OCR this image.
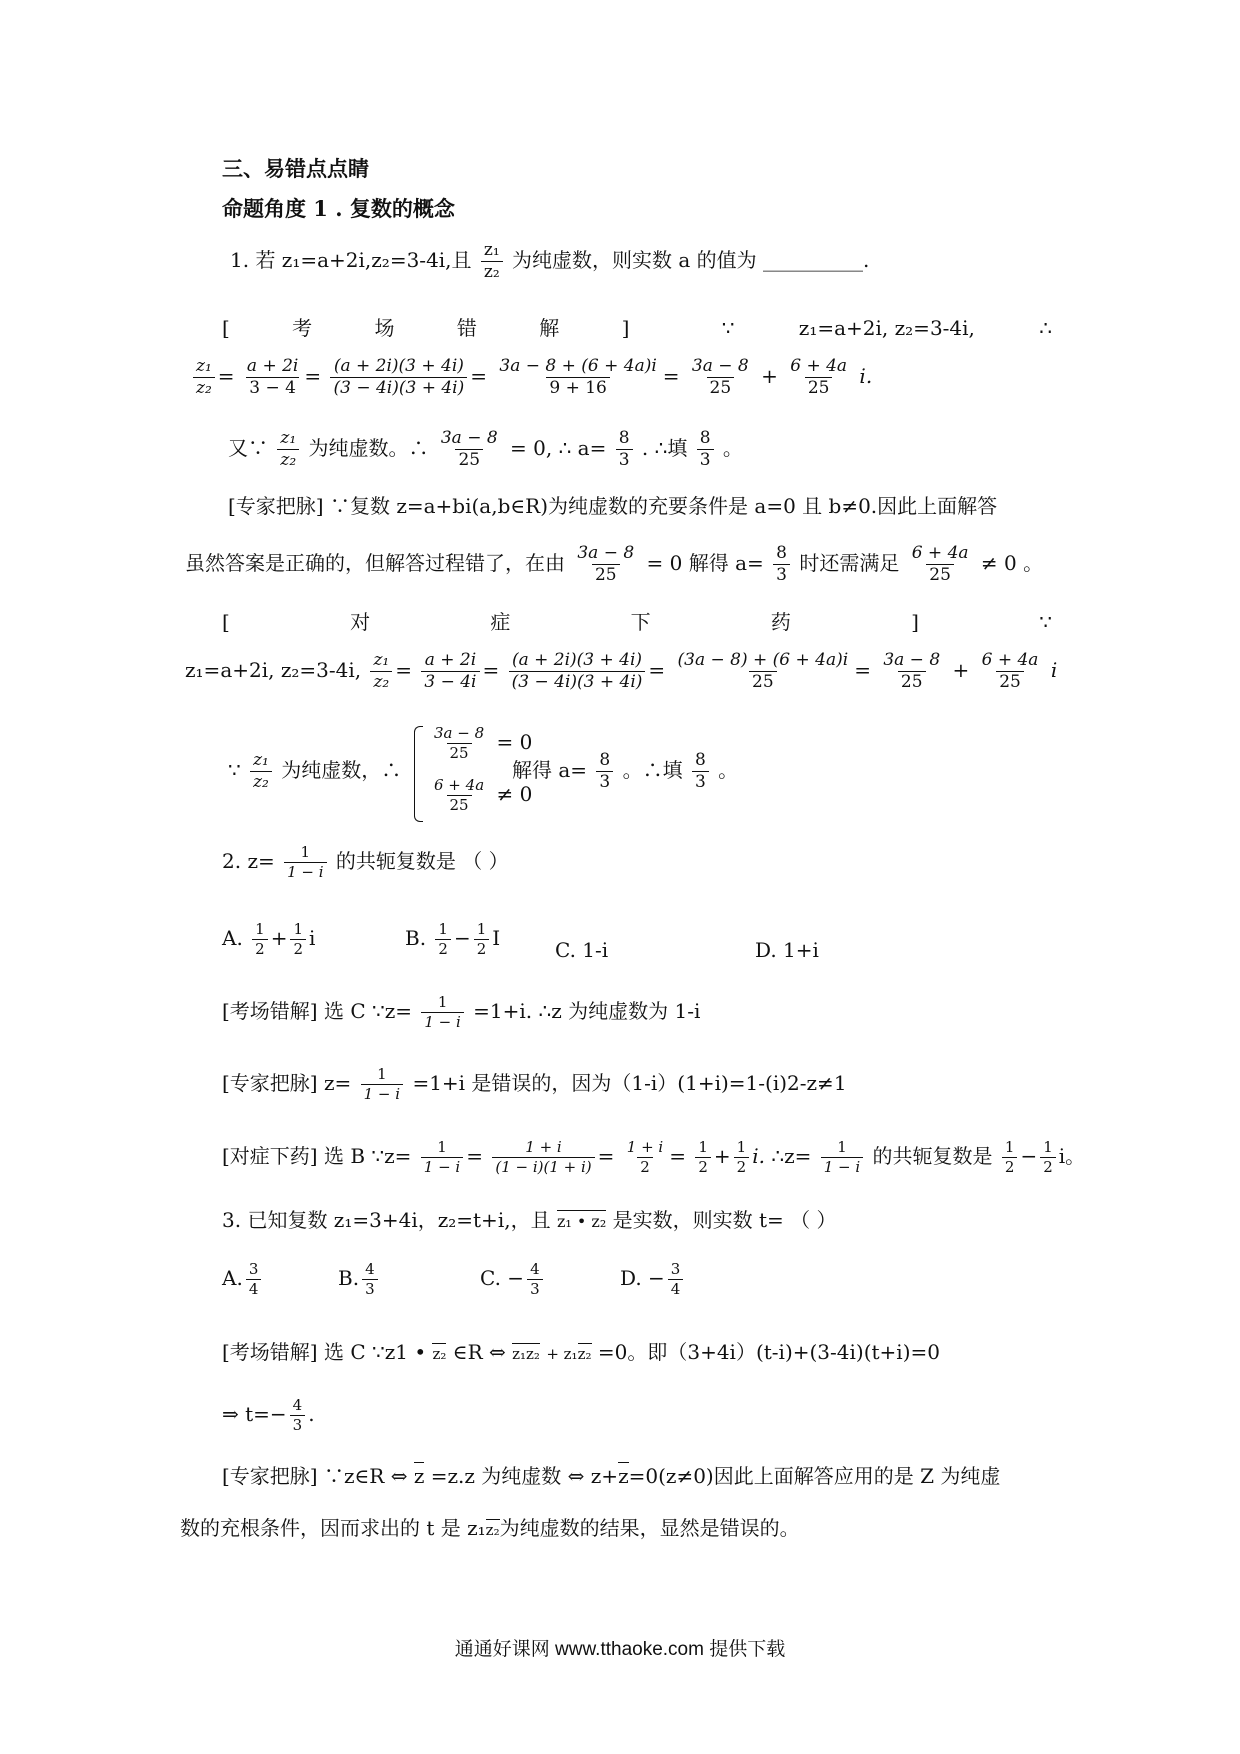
三、易错点点睛
命题角度 1 . 复数的概念
1. 若 z₁=a+2i,z₂=3-4i,且 $\frac{\text{z₁}}{\text{z₂}}$ 为纯虚数，则实数 a 的值为 __________.
[ 考 场 错 解 ]	∵	z₁=a+2i, z₂=3-4i,	∴
$\frac{\text{z₁}}{\text{z₂}} = \frac{a + 2i}{3 - 4} = \frac{(a + 2i)(3 + 4i)}{(3 - 4i)(3 + 4i)} = \frac{3a - 8 + (6 + 4a)i}{9 + 16} = \frac{3a - 8}{25} + \frac{6 + 4a}{25} i$.
又∵ $\frac{\text{z₁}}{\text{z₂}}$ 为纯虚数。∴ $\frac{3a - 8}{25} = 0$, ∴ $a= \frac{8}{3}$ . ∴填 $\frac{8}{3}$ 。
[专家把脉] ∵复数 z=a+bi(a,b∈R)为纯虚数的充要条件是 a=0 且 b≠0.因此上面解答
虽然答案是正确的，但解答过程错了，在由 $\frac{3a - 8}{25} = 0$ 解得 $a= \frac{8}{3}$ 时还需满足 $\frac{6 + 4a}{25} \ne 0$ 。
[	对	症	下	药	]	∵
z₁=a+2i, z₂=3-4i, $\frac{\text{z₁}}{\text{z₂}} = \frac{a + 2i}{3 - 4i} = \frac{(a + 2i)(3 + 4i)}{(3 - 4i)(3 + 4i)} = \frac{(3a - 8) + (6 + 4a)i}{25} = \frac{3a - 8}{25} + \frac{6 + 4a}{25}$ i
∵ $\frac{\text{z₁}}{\text{z₂}}$ 为纯虚数，∴
$\frac{3a - 8}{25} = 0$
$\frac{6 + 4a}{25} \ne 0$
解得 $a= \frac{8}{3}$ 。∴填 $\frac{8}{3}$ 。
2. $z= \frac{1}{1 - i}$ 的共轭复数是 （ ）
A. $\frac{1}{2} + \frac{1}{2}$ i	B. $\frac{1}{2} - \frac{1}{2}$ I	C. 1-i	D. 1+i
[考场错解] 选 C ∵z= $\frac{1}{1 - i} =1+i$. ∴z 为纯虚数为 1-i
[专家把脉] $z= \frac{1}{1 - i} =1+i$ 是错误的，因为（1-i）(1+i)=1-(i)2-z≠1
[对症下药] 选 B ∵z= $\frac{1}{1 - i} = \frac{1 + i}{(1 - i)(1 + i)} = \frac{1 + i}{2} = \frac{1}{2} + \frac{1}{2} i$. ∴z= $\frac{1}{1 - i}$ 的共轭复数是 $\frac{1}{2} - \frac{1}{2}$ i。
3. 已知复数 z₁=3+4i，z₂=t+i,，且 z₁ • z₂ 是实数，则实数 t= （ ）
A. $\frac{3}{4}$	B. $\frac{4}{3}$	C. − $\frac{4}{3}$	D. − $\frac{3}{4}$
[考场错解] 选 C ∵z1 • z₂ ∈R ⇔ z₁z₂ + z₁z₂ =0。即（3+4i）(t-i)+(3-4i)(t+i)=0
⇒ $t=- \frac{4}{3}$ .
[专家把脉] ∵z∈R ⇔ z =z.z 为纯虚数 ⇔ z+z=0(z≠0)因此上面解答应用的是 Z 为纯虚
数的充根条件，因而求出的 t 是 z₁z₂为纯虚数的结果，显然是错误的。
通通好课网 www.tthaoke.com 提供下载
